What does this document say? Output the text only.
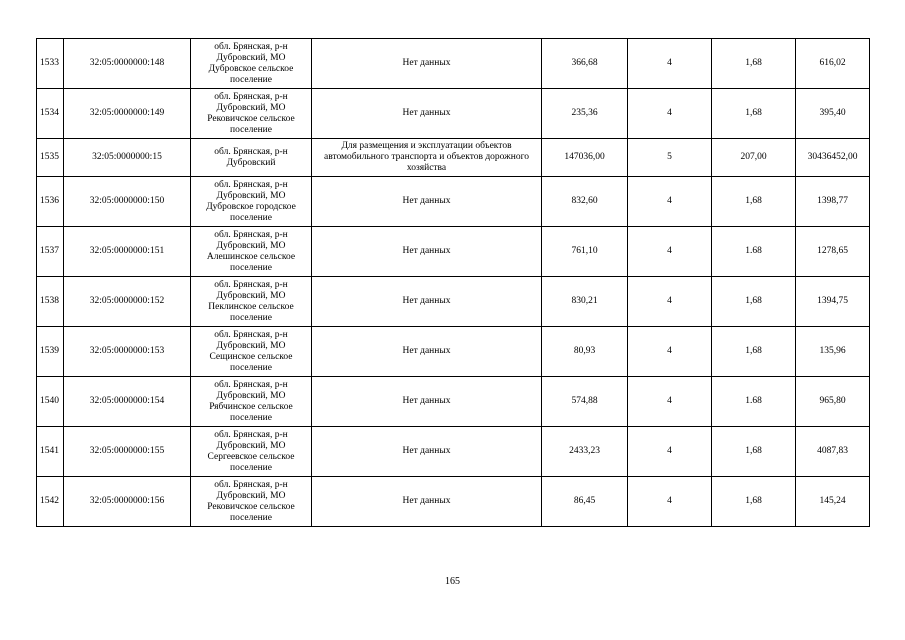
1533	32:05:0000000:148	обл. Брянская, р-н Дубровский, МО Дубровское сельское поселение	Нет данных	366,68	4	1,68	616,02
1534	32:05:0000000:149	обл. Брянская, р-н Дубровский, МО Рековичское сельское поселение	Нет данных	235,36	4	1,68	395,40
1535	32:05:0000000:15	обл. Брянская, р-н Дубровский	Для размещения и эксплуатации объектов автомобильного транспорта и объектов дорожного хозяйства	147036,00	5	207,00	30436452,00
1536	32:05:0000000:150	обл. Брянская, р-н Дубровский, МО Дубровское городское поселение	Нет данных	832,60	4	1,68	1398,77
1537	32:05:0000000:151	обл. Брянская, р-н Дубровский, МО Алешинское сельское поселение	Нет данных	761,10	4	1.68	1278,65
1538	32:05:0000000:152	обл. Брянская, р-н Дубровский, МО Пеклинское сельское поселение	Нет данных	830,21	4	1,68	1394,75
1539	32:05:0000000:153	обл. Брянская, р-н Дубровский, МО Сещинское сельское поселение	Нет данных	80,93	4	1,68	135,96
1540	32:05:0000000:154	обл. Брянская, р-н Дубровский, МО Рябчинское сельское поселение	Нет данных	574,88	4	1.68	965,80
1541	32:05:0000000:155	обл. Брянская, р-н Дубровский, МО Сергеевское сельское поселение	Нет данных	2433,23	4	1,68	4087,83
1542	32:05:0000000:156	обл. Брянская, р-н Дубровский, МО Рековичское сельское поселение	Нет данных	86,45	4	1,68	145,24
165
